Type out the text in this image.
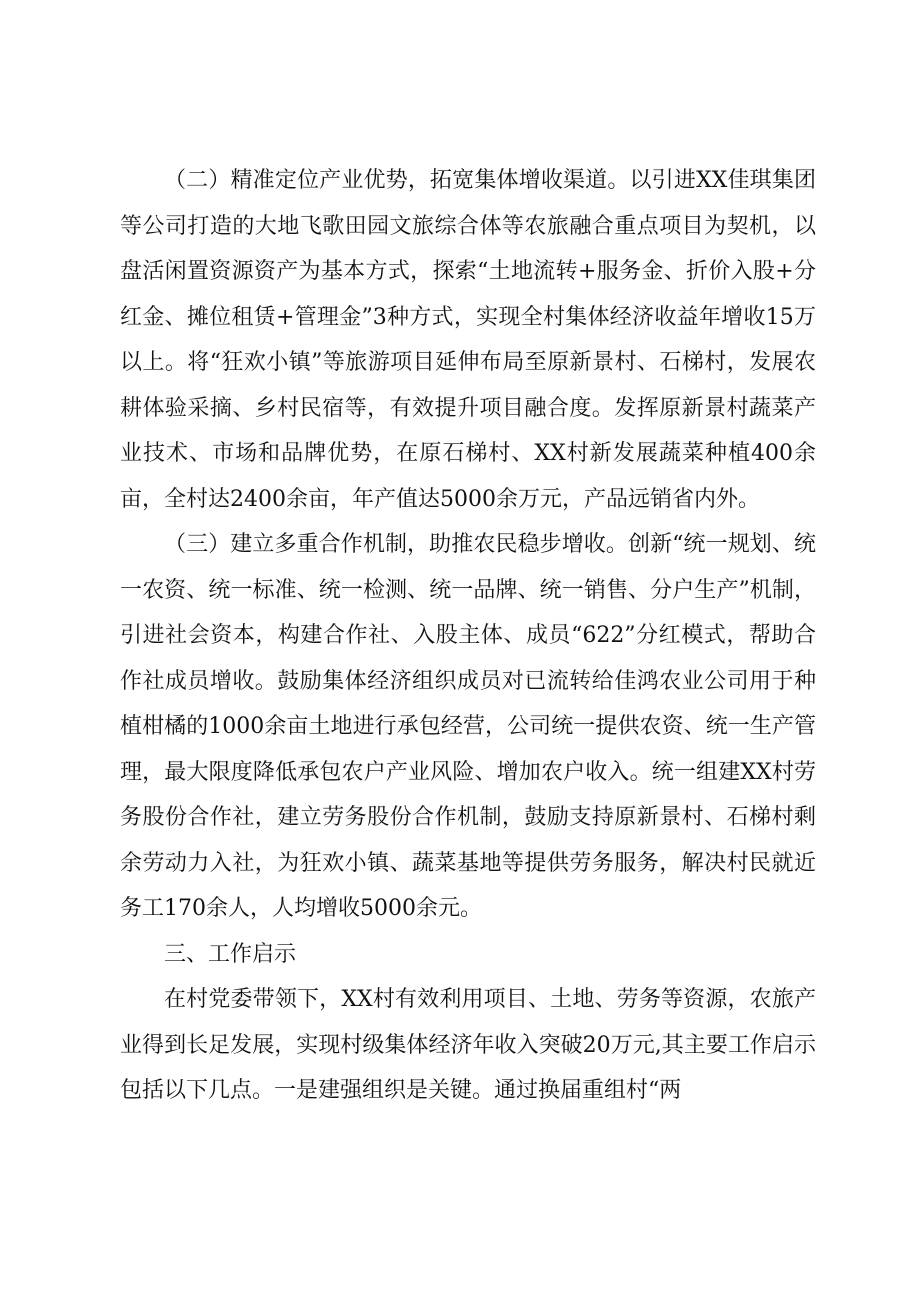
（二）精准定位产业优势，拓宽集体增收渠道。以引进XX佳琪集团等公司打造的大地飞歌田园文旅综合体等农旅融合重点项目为契机，以盘活闲置资源资产为基本方式，探索“土地流转+服务金、折价入股+分红金、摊位租赁+管理金”3种方式，实现全村集体经济收益年增收15万以上。将“狂欢小镇”等旅游项目延伸布局至原新景村、石梯村，发展农耕体验采摘、乡村民宿等，有效提升项目融合度。发挥原新景村蔬菜产业技术、市场和品牌优势，在原石梯村、XX村新发展蔬菜种植400余亩，全村达2400余亩，年产值达5000余万元，产品远销省内外。

（三）建立多重合作机制，助推农民稳步增收。创新“统一规划、统一农资、统一标准、统一检测、统一品牌、统一销售、分户生产”机制，引进社会资本，构建合作社、入股主体、成员“622”分红模式，帮助合作社成员增收。鼓励集体经济组织成员对已流转给佳鸿农业公司用于种植柑橘的1000余亩土地进行承包经营，公司统一提供农资、统一生产管理，最大限度降低承包农户产业风险、增加农户收入。统一组建XX村劳务股份合作社，建立劳务股份合作机制，鼓励支持原新景村、石梯村剩余劳动力入社，为狂欢小镇、蔬菜基地等提供劳务服务，解决村民就近务工170余人，人均增收5000余元。

三、工作启示

在村党委带领下，XX村有效利用项目、土地、劳务等资源，农旅产业得到长足发展，实现村级集体经济年收入突破20万元,其主要工作启示包括以下几点。一是建强组织是关键。通过换届重组村“两
